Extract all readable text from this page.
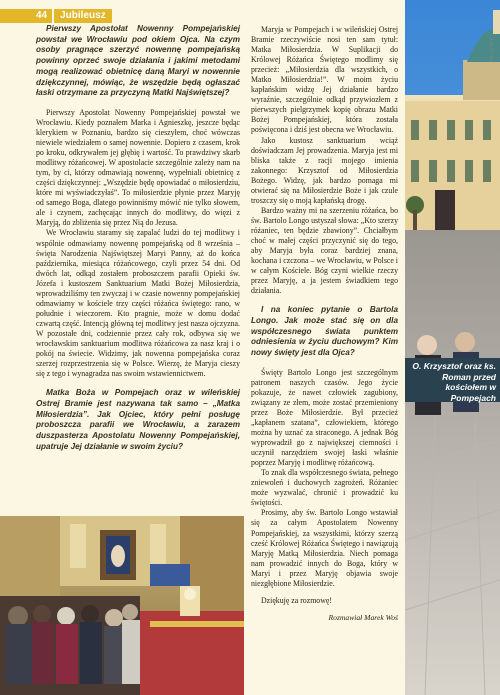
44	Jubileusz

Pierwszy Apostołat Nowenny Pompejańskiej powstał we Wrocławiu pod okiem Ojca. Na czym osoby pragnące szerzyć nowennę pompejańską powinny oprzeć swoje działania i jakimi metodami mogą realizować obietnicę daną Maryi w nowennie dziękczynnej, mówiąc, że wszędzie będą ogłaszać łaski otrzymane za przyczyną Matki Najświętszej?

Pierwszy Apostolat Nowenny Pompejańskiej powstał we Wrocławiu. Kiedy poznałem Marka i Agnieszkę, jeszcze będąc klerykiem w Poznaniu, bardzo się cieszyłem, choć wówczas niewiele wiedziałem o samej nowennie. Dopiero z czasem, krok po kroku, odkrywałem jej głębię i wartość. To prawdziwy skarb modlitwy różańcowej. W apostolacie szczególnie zależy nam na tym, by ci, którzy odmawiają nowennę, wypełniali obietnicę z części dziękczynnej: „Wszędzie będę opowiadać o miłosierdziu, które mi wyświadczyłaś”. To miłosierdzie płynie przez Maryję od samego Boga, dlatego powinniśmy mówić nie tylko słowem, ale i czynem, zachęcając innych do modlitwy, do więzi z Maryją, do zbliżenia się przez Nią do Jezusa.

We Wrocławiu staramy się zapalać ludzi do tej modlitwy i wspólnie odmawiamy nowennę pompejańską od 8 września – święta Narodzenia Najświętszej Maryi Panny, aż do końca października, miesiąca różańcowego, czyli przez 54 dni. Od dwóch lat, odkąd zostałem proboszczem parafii Opieki św. Józefa i kustoszem Sanktuarium Matki Bożej Miłosierdzia, wprowadziliśmy ten zwyczaj i w czasie nowenny pompejańskiej odmawiamy w kościele trzy części różańca świętego: rano, w południe i wieczorem. Kto pragnie, może w domu dodać czwartą część. Intencją główną tej modlitwy jest nasza ojczyzna. W pozostałe dni, codziennie przez cały rok, odbywa się we wrocławskim sanktuarium modlitwa różańcowa za nasz kraj i o pokój na świecie. Widzimy, jak nowenna pompejańska coraz szerzej rozprzestrzenia się w Polsce. Wierzę, że Maryja cieszy się z tego i wynagradza nas swoim wstawiennictwem.

Matka Boża w Pompejach oraz w wileńskiej Ostrej Bramie jest nazywana tak samo – „Matka Miłosierdzia”. Jak Ojciec, który pełni posługę proboszcza parafii we Wrocławiu, a zarazem duszpasterza Apostolatu Nowenny Pompejańskiej, upatruje Jej działanie w swoim życiu?

Maryja w Pompejach i w wileńskiej Ostrej Bramie rzeczywiście nosi ten sam tytuł: Matka Miłosierdzia. W Suplikacji do Królowej Różańca Świętego modlimy się przecież: „Miłosierdzia dla wszystkich, o Matko Miłosierdzia!”. W moim życiu kapłańskim widzę Jej działanie bardzo wyraźnie, szczególnie odkąd przywiozłem z pierwszych pielgrzymek kopię obrazu Matki Bożej Pompejańskiej, która została poświęcona i dziś jest obecna we Wrocławiu.

Jako kustosz sanktuarium wciąż doświadczam Jej prowadzenia. Maryja jest mi bliska także z racji mojego imienia zakonnego: Krzysztof od Miłosierdzia Bożego. Widzę, jak bardzo pomaga mi otwierać się na Miłosierdzie Boże i jak czule troszczy się o moją kapłańską drogę.

Bardzo ważny mi na szerzeniu różańca, bo św. Bartolo Longo ustyszał słowa: „Kto szerzy różaniec, ten będzie zbawiony”. Chciałbym choć w małej części przyczynić się do tego, aby Maryja była coraz bardziej znana, kochana i czczona – we Wrocławiu, w Polsce i w całym Kościele. Bóg czyni wielkie rzeczy przez Maryję, a ja jestem świadkiem tego działania.

I na koniec pytanie o Bartola Longo. Jak może stać się on dla współczesnego świata punktem odniesienia w życiu duchowym? Kim nowy święty jest dla Ojca?

Święty Bartolo Longo jest szczególnym patronem naszych czasów. Jego życie pokazuje, że nawet człowiek zagubiony, związany ze złem, może zostać przemieniony przez Boże Miłosierdzie. Był przecież „kapłanem szatana”, człowiekiem, którego można by uznać za straconego. A jednak Bóg wyprowadził go z największej ciemności i uczynił narzędziem swojej łaski właśnie poprzez Maryję i modlitwę różańcową.

To znak dla współczesnego świata, pełnego zniewoleń i duchowych zagrożeń. Różaniec może wyzwalać, chronić i prowadzić ku świętości.

Prosimy, aby św. Bartolo Longo wstawiał się za całym Apostolatem Nowenny Pompejańskiej, za wszystkimi, którzy szerzą cześć Królowej Różańca Świętego i nawiązują Maryję Matką Miłosierdzia. Niech pomaga nam prowadzić innych do Boga, który w Maryi i przez Maryję objawia swoje niezgłębione Miłosierdzie.

Dziękuję za rozmowę!

Rozmawiał Marek Woś

Fot. M. Woś
O. Krzysztof oraz ks. Roman przed kościołem w Pompejach
